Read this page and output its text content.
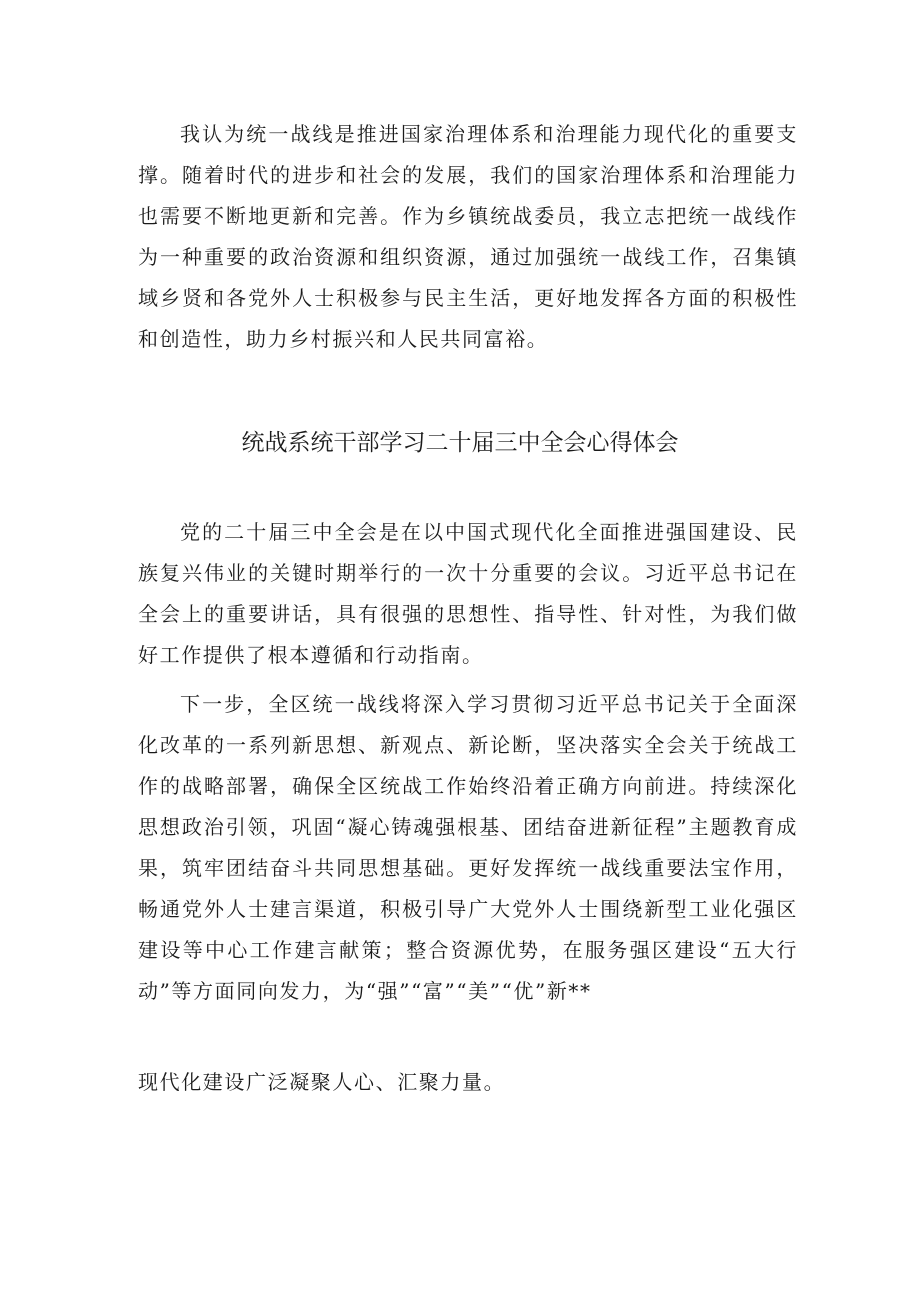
我认为统一战线是推进国家治理体系和治理能力现代化的重要支撑。随着时代的进步和社会的发展，我们的国家治理体系和治理能力也需要不断地更新和完善。作为乡镇统战委员，我立志把统一战线作为一种重要的政治资源和组织资源，通过加强统一战线工作，召集镇域乡贤和各党外人士积极参与民主生活，更好地发挥各方面的积极性和创造性，助力乡村振兴和人民共同富裕。

统战系统干部学习二十届三中全会心得体会

党的二十届三中全会是在以中国式现代化全面推进强国建设、民族复兴伟业的关键时期举行的一次十分重要的会议。习近平总书记在全会上的重要讲话，具有很强的思想性、指导性、针对性，为我们做好工作提供了根本遵循和行动指南。

下一步，全区统一战线将深入学习贯彻习近平总书记关于全面深化改革的一系列新思想、新观点、新论断，坚决落实全会关于统战工作的战略部署，确保全区统战工作始终沿着正确方向前进。持续深化思想政治引领，巩固“凝心铸魂强根基、团结奋进新征程”主题教育成果，筑牢团结奋斗共同思想基础。更好发挥统一战线重要法宝作用，畅通党外人士建言渠道，积极引导广大党外人士围绕新型工业化强区建设等中心工作建言献策；整合资源优势，在服务强区建设“五大行动”等方面同向发力，为“强”“富”“美”“优”新**

现代化建设广泛凝聚人心、汇聚力量。
